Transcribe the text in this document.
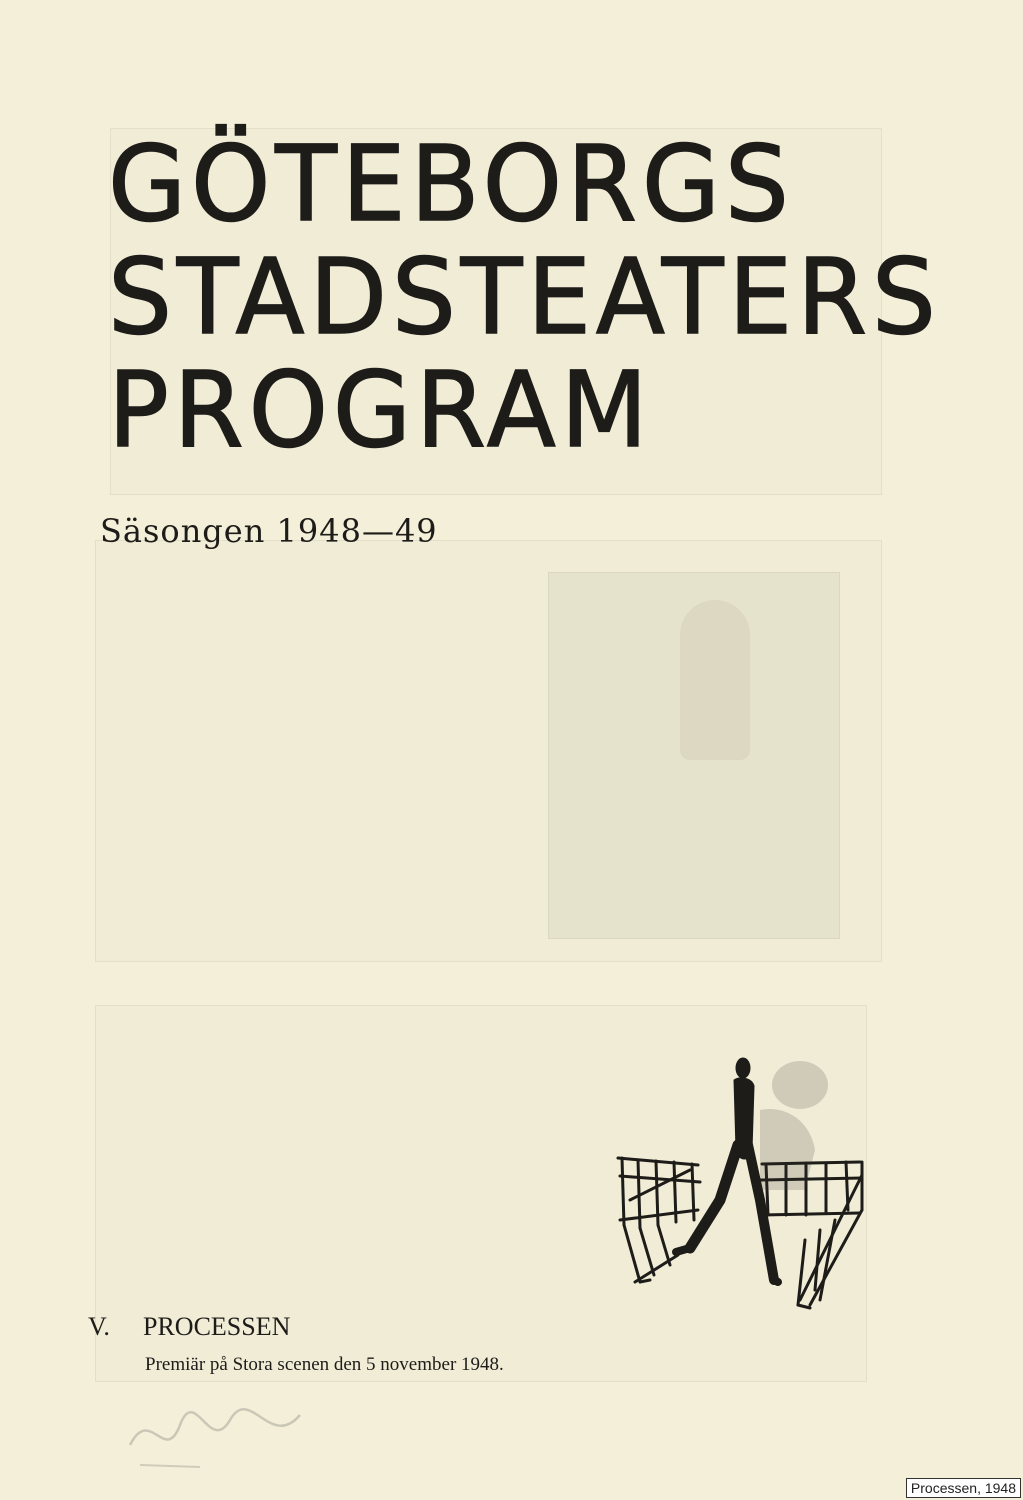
GÖTEBORGS
STADSTEATERS
PROGRAM
Säsongen 1948—49
V. PROCESSEN
Premiär på Stora scenen den 5 november 1948.
Processen, 1948
